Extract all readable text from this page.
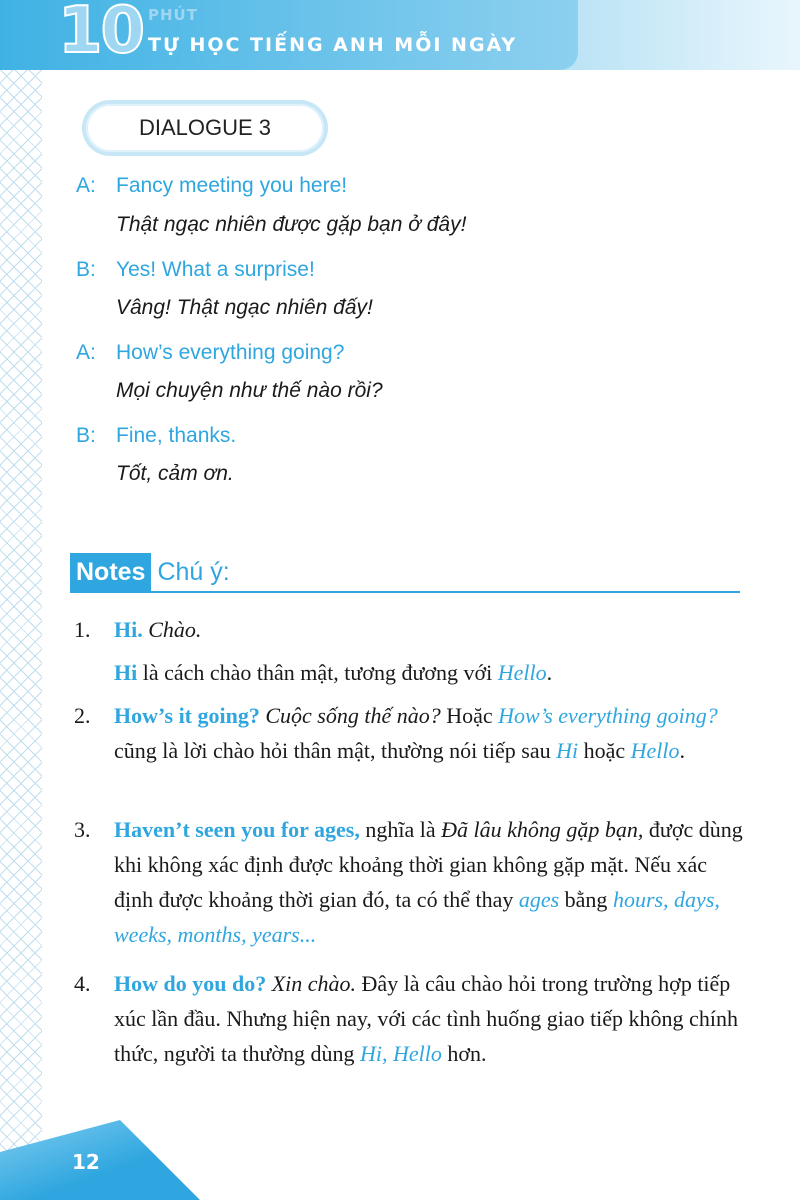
10 PHÚT
TỰ HỌC TIẾNG ANH MỖI NGÀY
DIALOGUE 3
A: Fancy meeting you here!
Thật ngạc nhiên được gặp bạn ở đây!
B: Yes! What a surprise!
Vâng! Thật ngạc nhiên đấy!
A: How’s everything going?
Mọi chuyện như thế nào rồi?
B: Fine, thanks.
Tốt, cảm ơn.
Notes Chú ý:
1. Hi. Chào.
Hi là cách chào thân mật, tương đương với Hello.
2. How’s it going? Cuộc sống thế nào? Hoặc How’s everything going? cũng là lời chào hỏi thân mật, thường nói tiếp sau Hi hoặc Hello.
3. Haven’t seen you for ages, nghĩa là Đã lâu không gặp bạn, được dùng khi không xác định được khoảng thời gian không gặp mặt. Nếu xác định được khoảng thời gian đó, ta có thể thay ages bằng hours, days, weeks, months, years...
4. How do you do? Xin chào. Đây là câu chào hỏi trong trường hợp tiếp xúc lần đầu. Nhưng hiện nay, với các tình huống giao tiếp không chính thức, người ta thường dùng Hi, Hello hơn.
12
